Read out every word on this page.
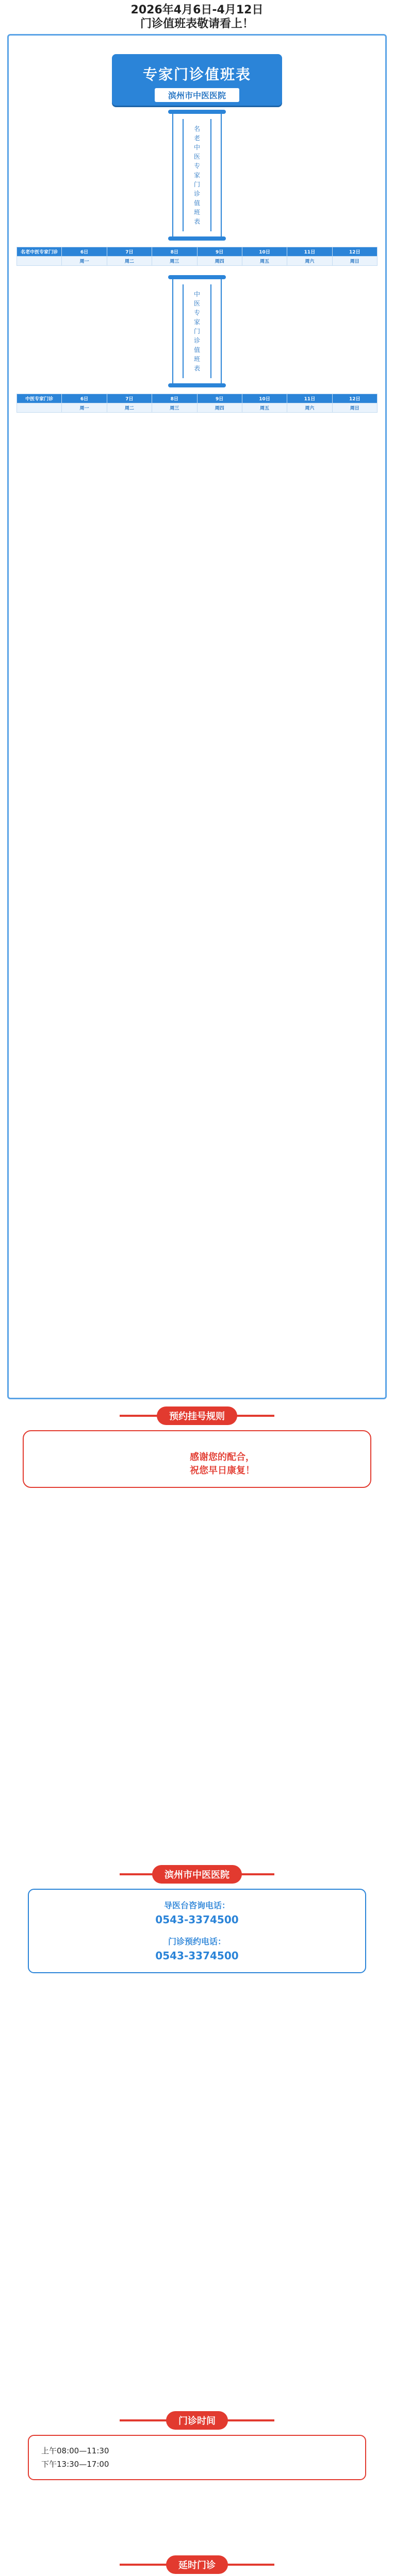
2026年4月6日-4月12日
门诊值班表敬请看上！
专家门诊值班表
滨州市中医医院
名
老
中
医
专
家
门
诊
值
班
表
名老中医专家门诊	6日	7日	8日	9日	10日	11日	12日
	周一	周二	周三	周四	周五	周六	周日
中
医
专
家
门
诊
值
班
表
中医专家门诊	6日	7日	8日	9日	10日	11日	12日
	周一	周二	周三	周四	周五	周六	周日
预约挂号规则

感谢您的配合，
祝您早日康复！
滨州市中医医院
导医台咨询电话：
0543-3374500
门诊预约电话：
0543-3374500
门诊时间
上午08:00—11:30
下午13:30—17:00
延时门诊
